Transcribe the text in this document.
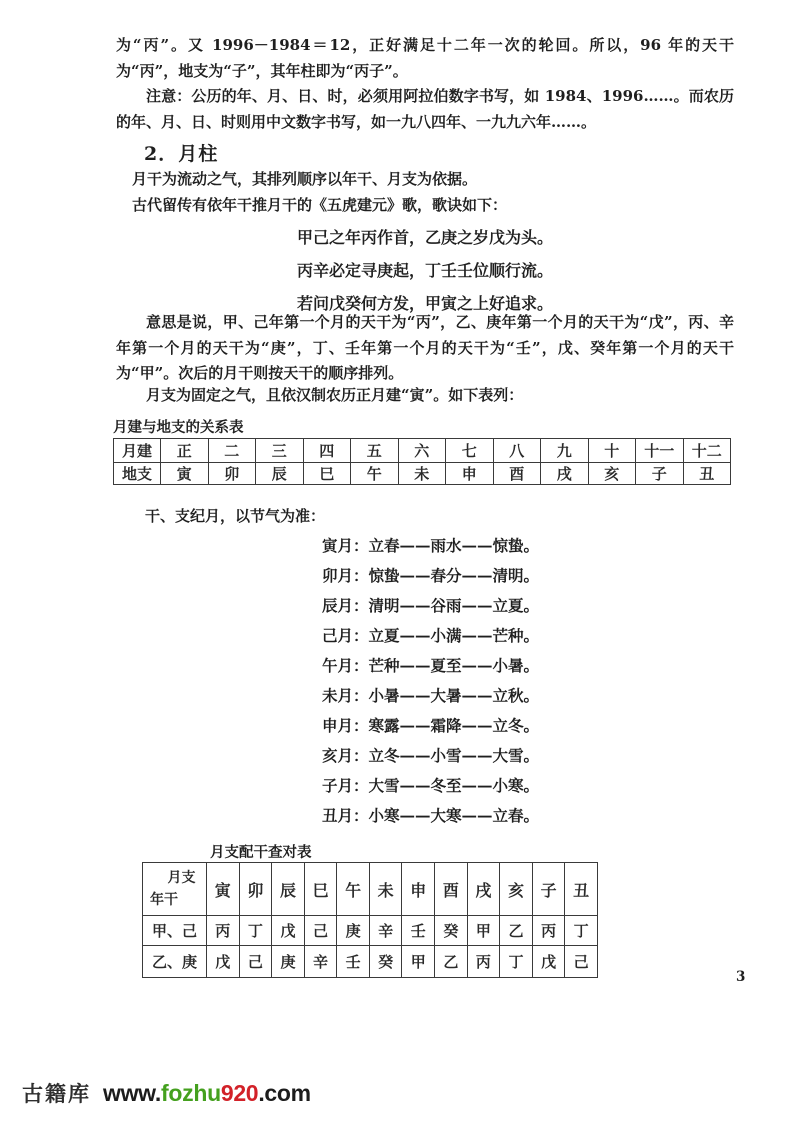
为“丙”。又 1996－1984＝12，正好满足十二年一次的轮回。所以，96 年的天干为“丙”，地支为“子”，其年柱即为“丙子”。

注意：公历的年、月、日、时，必须用阿拉伯数字书写，如 1984、1996……。而农历的年、月、日、时则用中文数字书写，如一九八四年、一九九六年……。

2．月柱
月干为流动之气，其排列顺序以年干、月支为依据。
古代留传有依年干推月干的《五虎建元》歌，歌诀如下：
甲己之年丙作首，乙庚之岁戊为头。
丙辛必定寻庚起，丁壬壬位顺行流。
若问戊癸何方发，甲寅之上好追求。
意思是说，甲、己年第一个月的天干为“丙”，乙、庚年第一个月的天干为“戊”，丙、辛年第一个月的天干为“庚”，丁、壬年第一个月的天干为“壬”，戊、癸年第一个月的天干为“甲”。次后的月干则按天干的顺序排列。
月支为固定之气，且依汉制农历正月建“寅”。如下表列：
月建与地支的关系表
月建	正	二	三	四	五	六	七	八	九	十	十一	十二
地支	寅	卯	辰	巳	午	未	申	酉	戌	亥	子	丑
干、支纪月，以节气为准：
寅月：立春——雨水——惊蛰。
卯月：惊蛰——春分——清明。
辰月：清明——谷雨——立夏。
己月：立夏——小满——芒种。
午月：芒种——夏至——小暑。
未月：小暑——大暑——立秋。
申月：寒露——霜降——立冬。
亥月：立冬——小雪——大雪。
子月：大雪——冬至——小寒。
丑月：小寒——大寒——立春。
月支配干查对表
月支
年干	寅	卯	辰	巳	午	未	申	酉	戌	亥	子	丑
甲、己	丙	丁	戊	己	庚	辛	壬	癸	甲	乙	丙	丁
乙、庚	戊	己	庚	辛	壬	癸	甲	乙	丙	丁	戊	己
3
古籍库 www.fozhu920.com
